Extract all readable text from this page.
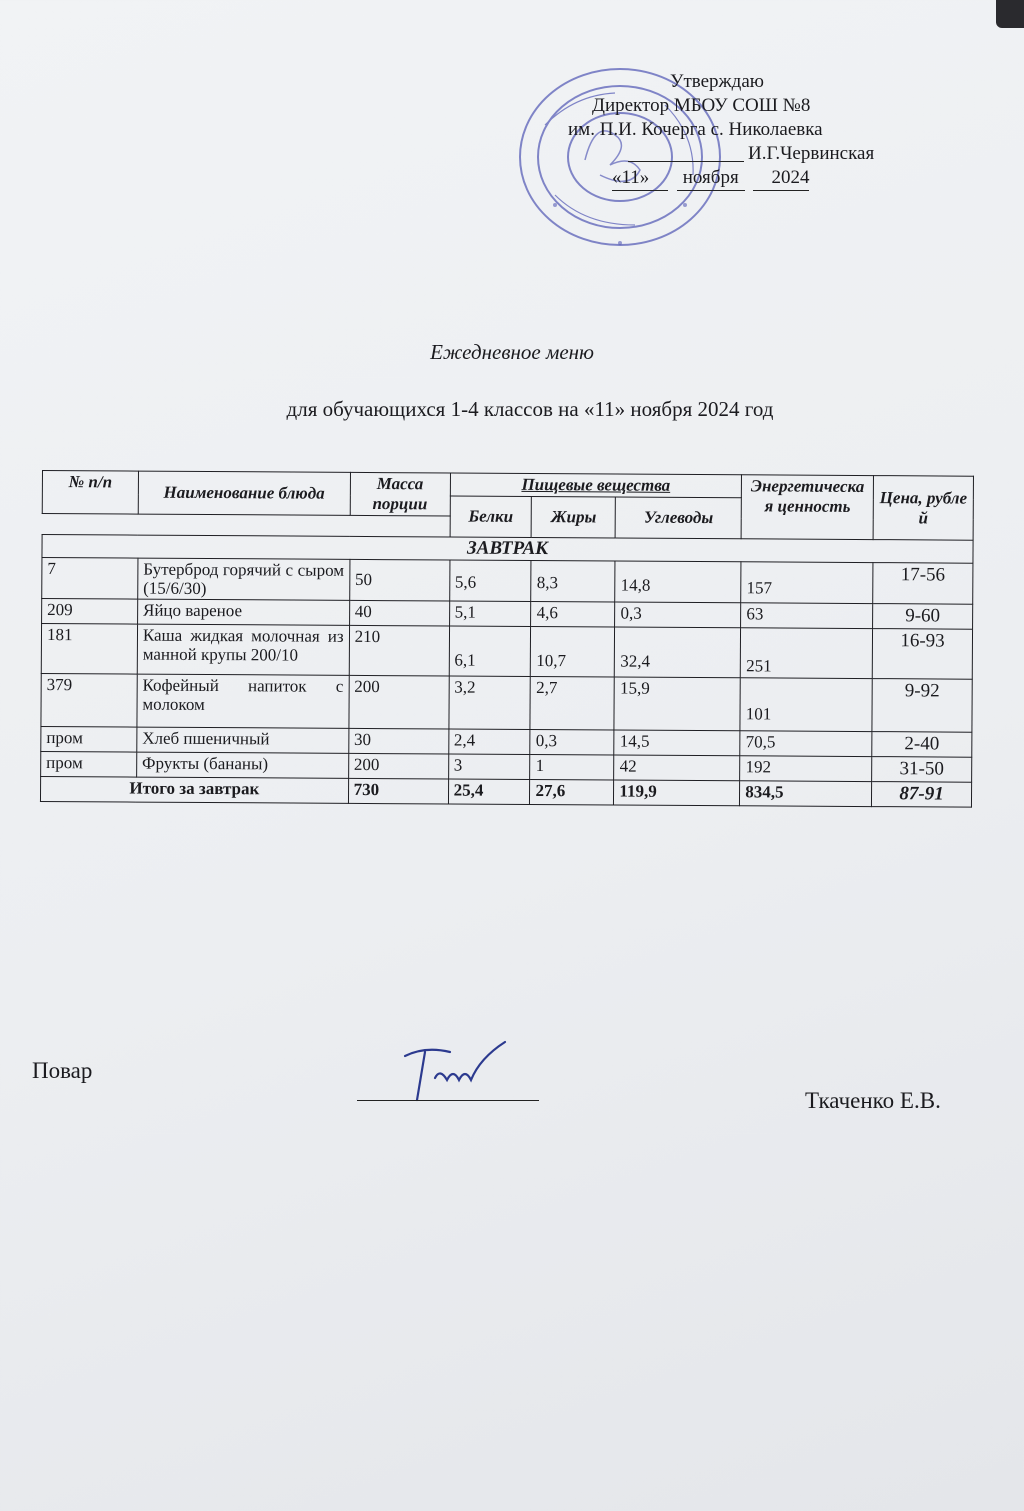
Утверждаю
Директор МБОУ СОШ №8
им. П.И. Кочерга с. Николаевка
И.Г.Червинская
«11» ноября 2024
Ежедневное меню
для обучающихся 1-4 классов на «11» ноября 2024 год
№ п/п	Наименование блюда	Масса порции	Пищевые вещества			Энергетическая ценность	Цена, рублей
			Белки	Жиры	Углеводы		

ЗАВТРАК							
7	Бутерброд горячий с сыром (15/6/30)	50	5,6	8,3	14,8	157	17-56
209	Яйцо вареное	40	5,1	4,6	0,3	63	9-60
181	Каша жидкая молочная из манной крупы 200/10	210	6,1	10,7	32,4	251	16-93
379	Кофейный напиток с молоком	200	3,2	2,7	15,9	101	9-92
пром	Хлеб пшеничный	30	2,4	0,3	14,5	70,5	2-40
пром	Фрукты (бананы)	200	3	1	42	192	31-50
Итого за завтрак		730	25,4	27,6	119,9	834,5	87-91
Повар
Ткаченко Е.В.
